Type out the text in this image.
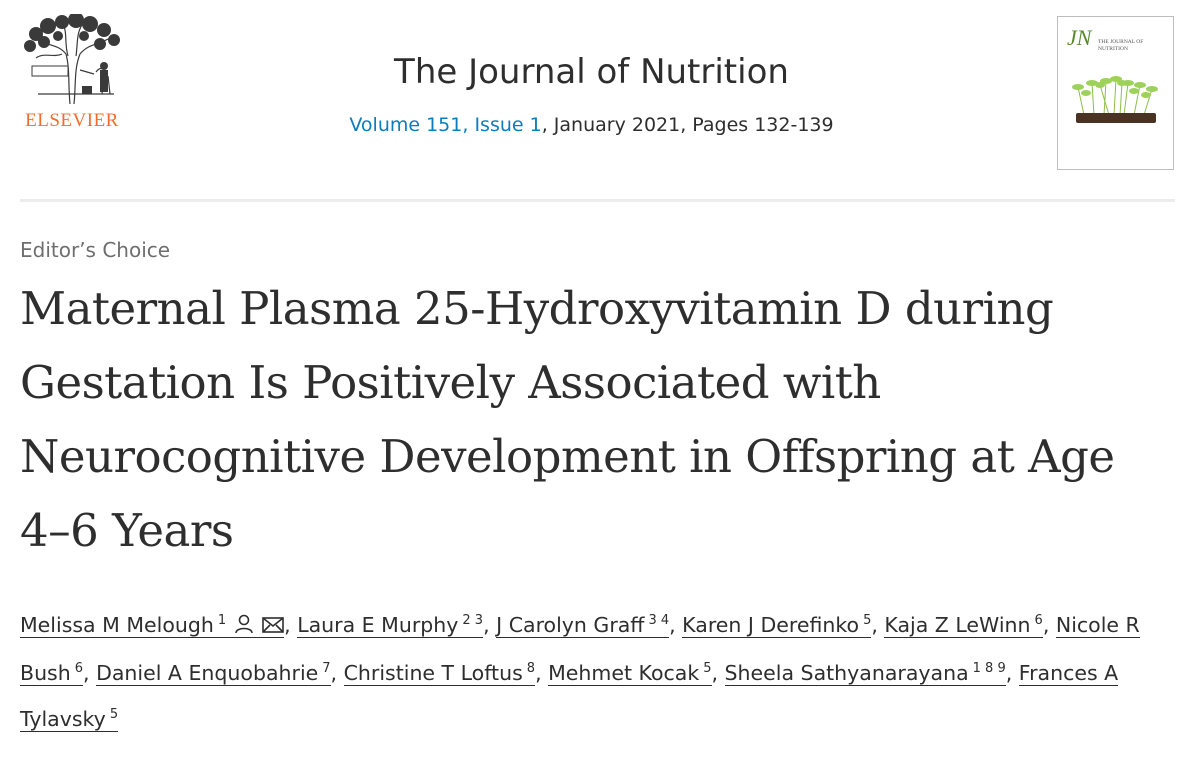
ELSEVIER
The Journal of Nutrition
Volume 151, Issue 1, January 2021, Pages 132-139
JN THE JOURNAL OF NUTRITION
Editor’s Choice
Maternal Plasma 25-Hydroxyvitamin D during Gestation Is Positively Associated with Neurocognitive Development in Offspring at Age 4–6 Years
Melissa M Melough $^1$	, Laura E Murphy $^{2 3}$, J Carolyn Graff $^{3 4}$, Karen J Derefinko $^5$, Kaja Z LeWinn $^6$, Nicole R Bush $^6$, Daniel A Enquobahrie $^7$, Christine T Loftus $^8$, Mehmet Kocak $^5$, Sheela Sathyanarayana $^{1 8 9}$, Frances A Tylavsky $^5$
